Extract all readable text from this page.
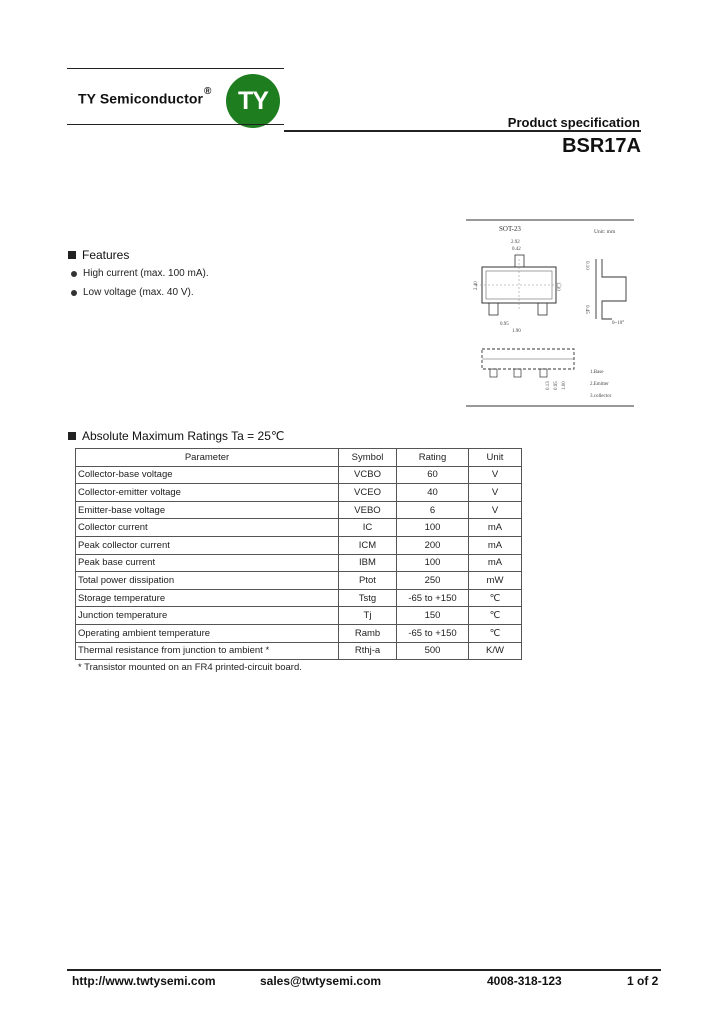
TY Semiconductor® TY
Product specification
BSR17A
Features
High current (max. 100 mA).
Low voltage (max. 40 V).
SOT-23	Unit: mm
2.92
0.42
2.40	1.30
0.95
1.90
0.10
0.45
0~10°
0.13 0.95 1.00
1.Base
2.Emitter
3.collector
Absolute Maximum Ratings Ta = 25℃
Parameter	Symbol	Rating	Unit
Collector-base voltage	VCBO	60	V
Collector-emitter voltage	VCEO	40	V
Emitter-base voltage	VEBO	6	V
Collector current	IC	100	mA
Peak collector current	ICM	200	mA
Peak base current	IBM	100	mA
Total power dissipation	Ptot	250	mW
Storage temperature	Tstg	-65 to +150	℃
Junction temperature	Tj	150	℃
Operating ambient temperature	Ramb	-65 to +150	℃
Thermal resistance from junction to ambient *	Rthj-a	500	K/W
* Transistor mounted on an FR4 printed-circuit board.
http://www.twtysemi.com	sales@twtysemi.com	4008-318-123	1 of 2
